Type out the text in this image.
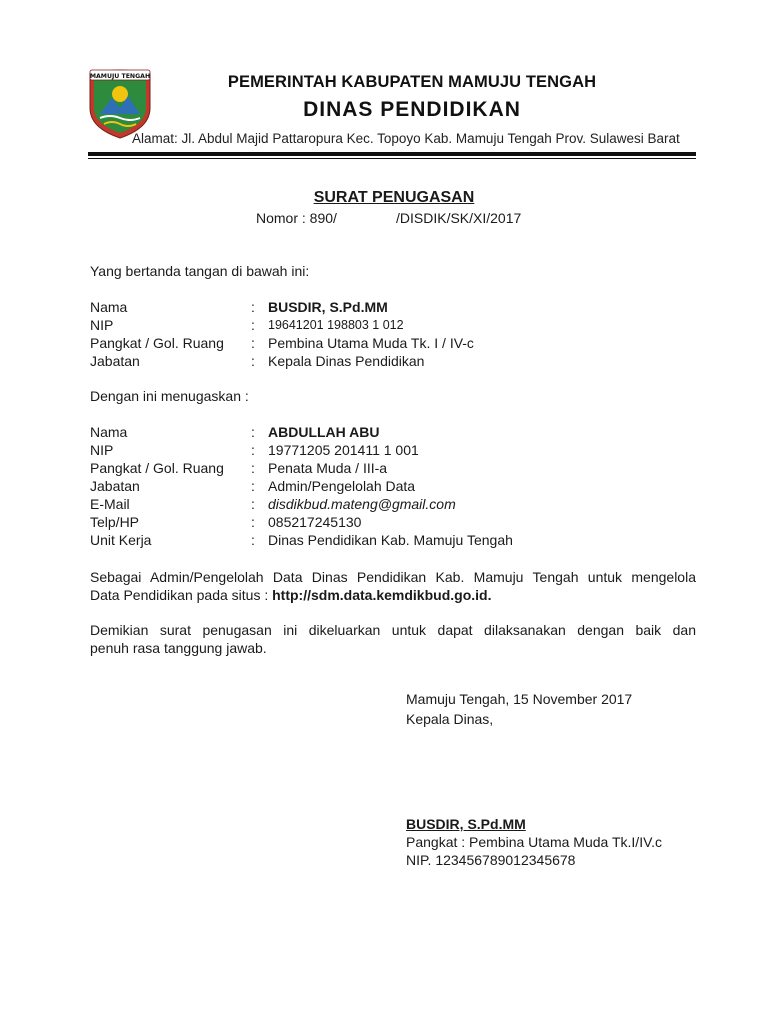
MAMUJU TENGAH	PEMERINTAH KABUPATEN MAMUJU TENGAH
DINAS PENDIDIKAN
Alamat: Jl. Abdul Majid Pattaropura Kec. Topoyo Kab. Mamuju Tengah Prov. Sulawesi Barat
SURAT PENUGASAN
Nomor : 890/	/DISDIK/SK/XI/2017
Yang bertanda tangan di bawah ini:
Nama	: BUSDIR, S.Pd.MM
NIP	: 19641201 198803 1 012
Pangkat / Gol. Ruang : Pembina Utama Muda Tk. I / IV-c
Jabatan	: Kepala Dinas Pendidikan
Dengan ini menugaskan :
Nama	: ABDULLAH ABU
NIP	: 19771205 201411 1 001
Pangkat / Gol. Ruang : Penata Muda / III-a
Jabatan	: Admin/Pengelolah Data
E-Mail	: disdikbud.mateng@gmail.com
Telp/HP	: 085217245130
Unit Kerja	: Dinas Pendidikan Kab. Mamuju Tengah
Sebagai Admin/Pengelolah Data Dinas Pendidikan Kab. Mamuju Tengah untuk mengelola
Data Pendidikan pada situs : http://sdm.data.kemdikbud.go.id.
Demikian surat penugasan ini dikeluarkan untuk dapat dilaksanakan dengan baik dan
penuh rasa tanggung jawab.
Mamuju Tengah, 15 November 2017
Kepala Dinas,
BUSDIR, S.Pd.MM
Pangkat : Pembina Utama Muda Tk.I/IV.c
NIP. 123456789012345678
